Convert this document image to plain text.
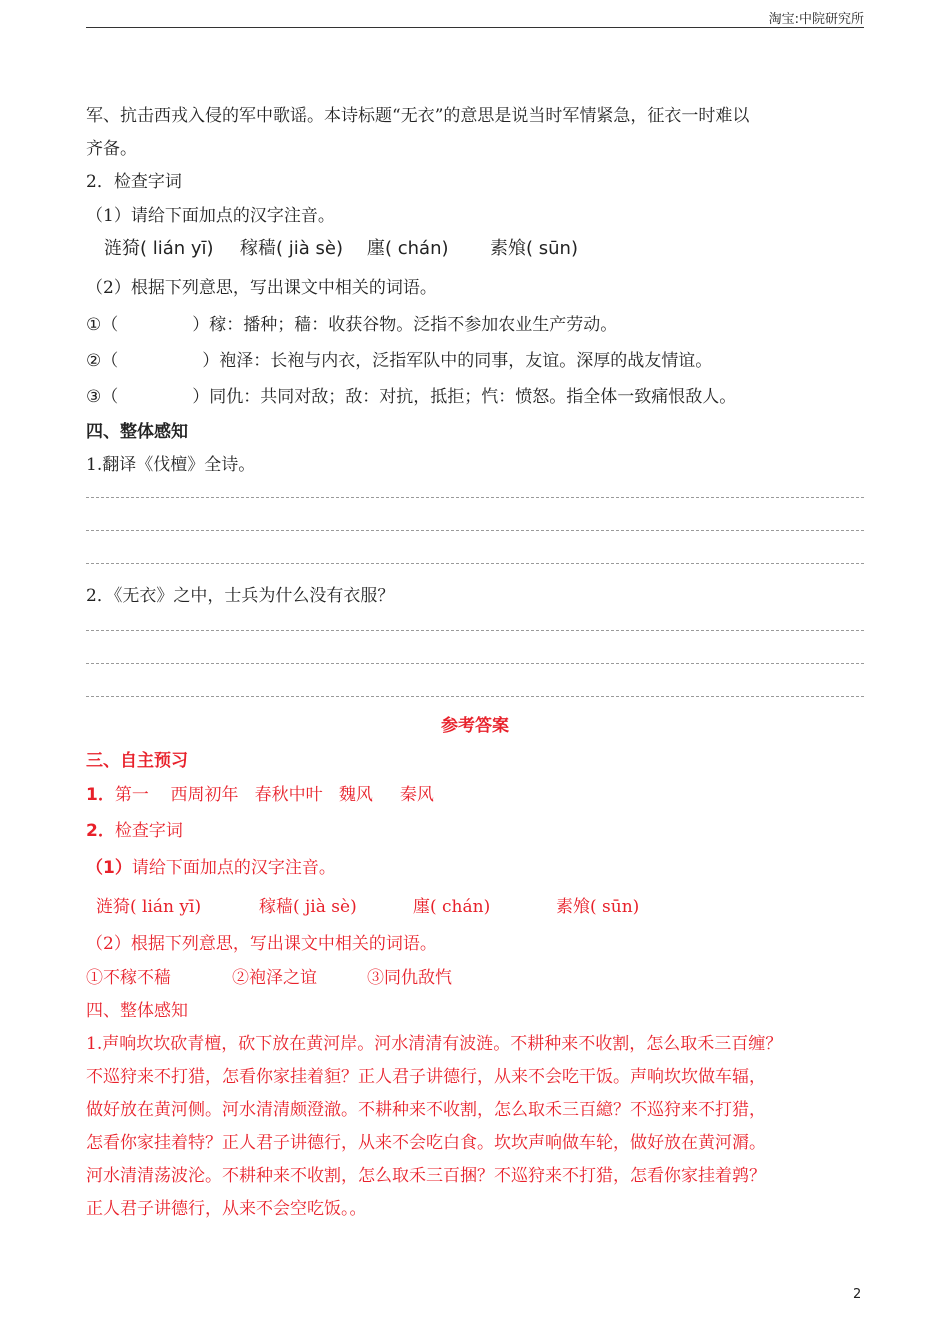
淘宝:中院研究所
军、抗击西戎入侵的军中歌谣。本诗标题“无衣”的意思是说当时军情紧急，征衣一时难以
齐备。
2．检查字词
（1）请给下面加点的汉字注音。
涟猗( lián yī) 稼穑( jià sè) 廛( chán) 素飧( sūn)
（2）根据下列意思，写出课文中相关的词语。
①（	）稼：播种；穑：收获谷物。泛指不参加农业生产劳动。
②（	）袍泽：长袍与内衣，泛指军队中的同事，友谊。深厚的战友情谊。
③（	）同仇：共同对敌；敌：对抗，抵拒；忾：愤怒。指全体一致痛恨敌人。
四、整体感知
1.翻译《伐檀》全诗。
2．《无衣》之中，士兵为什么没有衣服？
参考答案
三、自主预习
1．第一    西周初年   春秋中叶   魏风     秦风
2．检查字词
（1）请给下面加点的汉字注音。
涟猗( lián yī)	稼穑( jià sè)	廛( chán)	素飧( sūn)
（2）根据下列意思，写出课文中相关的词语。
①不稼不穑	②袍泽之谊	③同仇敌忾
四、整体感知
1.声响坎坎砍青檀，砍下放在黄河岸。河水清清有波涟。不耕种来不收割，怎么取禾三百缠？
不巡狩来不打猎，怎看你家挂着貆？正人君子讲德行，从来不会吃干饭。声响坎坎做车辐，
做好放在黄河侧。河水清清颇澄澈。不耕种来不收割，怎么取禾三百繶？不巡狩来不打猎，
怎看你家挂着特？正人君子讲德行，从来不会吃白食。坎坎声响做车轮，做好放在黄河漘。
河水清清荡波沦。不耕种来不收割，怎么取禾三百捆？不巡狩来不打猎，怎看你家挂着鹑？
正人君子讲德行，从来不会空吃饭。。
2
